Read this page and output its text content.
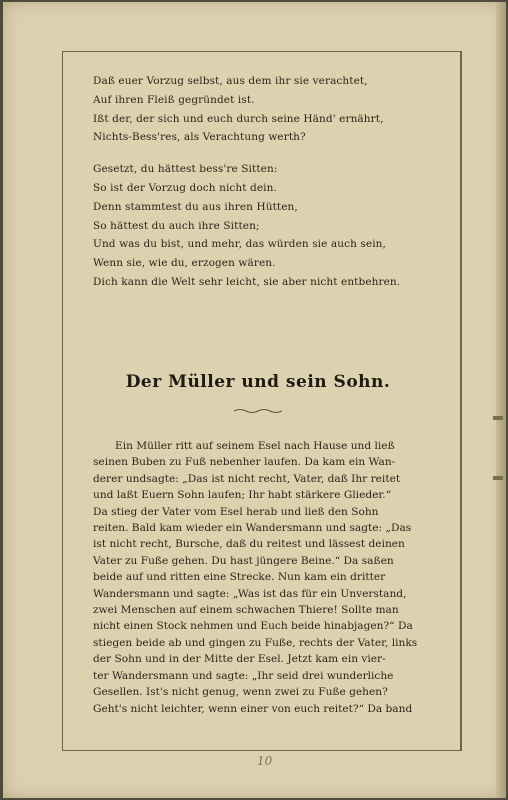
Daß euer Vorzug selbst, aus dem ihr sie verachtet,
Auf ihren Fleiß gegründet ist.
Ißt der, der sich und euch durch seine Händ' ernährt,
Nichts-Bess'res, als Verachtung werth?
Gesetzt, du hättest bess're Sitten:
So ist der Vorzug doch nicht dein.
Denn stammtest du aus ihren Hütten,
So hättest du auch ihre Sitten;
Und was du bist, und mehr, das würden sie auch sein,
Wenn sie, wie du, erzogen wären.
Dich kann die Welt sehr leicht, sie aber nicht entbehren.
Der Müller und sein Sohn.
Ein Müller ritt auf seinem Esel nach Hause und ließ
seinen Buben zu Fuß nebenher laufen. Da kam ein Wan-
derer undsagte: „Das ist nicht recht, Vater, daß Ihr reitet
und laßt Euern Sohn laufen; Ihr habt stärkere Glieder.“
Da stieg der Vater vom Esel herab und ließ den Sohn
reiten. Bald kam wieder ein Wandersmann und sagte: „Das
ist nicht recht, Bursche, daß du reitest und lässest deinen
Vater zu Fuße gehen. Du hast jüngere Beine.“ Da saßen
beide auf und ritten eine Strecke. Nun kam ein dritter
Wandersmann und sagte: „Was ist das für ein Unverstand,
zwei Menschen auf einem schwachen Thiere! Sollte man
nicht einen Stock nehmen und Euch beide hinabjagen?“ Da
stiegen beide ab und gingen zu Fuße, rechts der Vater, links
der Sohn und in der Mitte der Esel. Jetzt kam ein vier-
ter Wandersmann und sagte: „Ihr seid drei wunderliche
Gesellen. Ist's nicht genug, wenn zwei zu Fuße gehen?
Geht's nicht leichter, wenn einer von euch reitet?“ Da band
10
